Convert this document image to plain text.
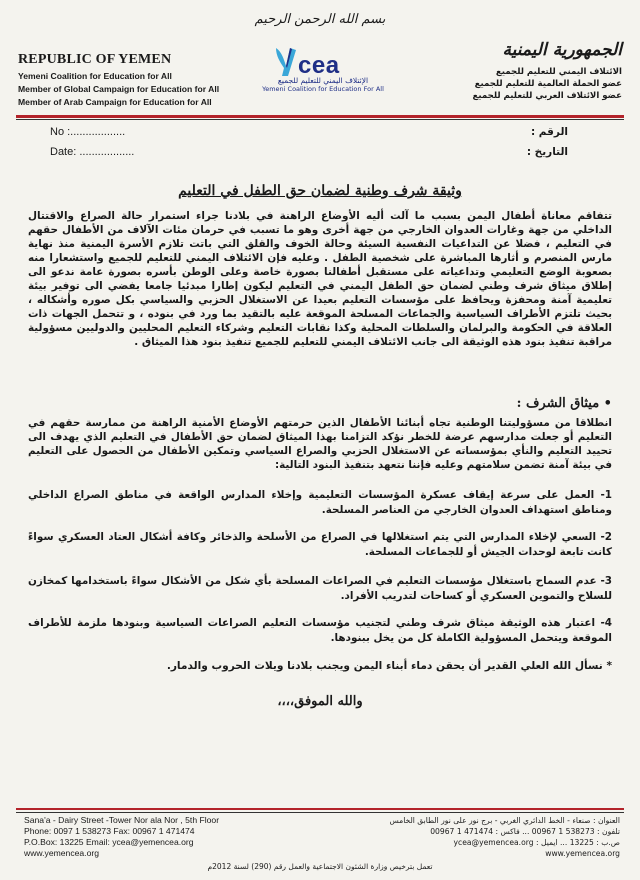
بسم الله الرحمن الرحيم
REPUBLIC OF YEMEN
Yemeni Coalition for Education for All
Member of Global Campaign for Education for All
Member of Arab Campaign for Education for All
cea
الإئتلاف اليمني للتعليم للجميع
Yemeni Coalition for Education For All
الجمهورية اليمنية
الائتلاف اليمني للتعليم للجميع
عضو الحملة العالمية للتعليم للجميع
عضو الائتلاف العربي للتعليم للجميع
No :..................
Date: ..................
الرقم :
التاريخ :
وثيقة شرف وطنية لضمان حق الطفل في التعليم
تتفاقم معاناة أطفال اليمن بسبب ما آلت أليه الأوضاع الراهنة في بلادنا جراء استمرار حالة الصراع والاقتتال الداخلي من جهة وغارات العدوان الخارجي من جهة أخرى وهو ما تسبب في حرمان مئات الآلاف من الأطفال حقهم في التعليم ، فضلا عن التداعيات النفسية السيئة وحالة الخوف والقلق التي باتت تلازم الأسرة اليمنية منذ نهاية مارس المنصرم و أثارها المباشرة على شخصية الطفل . وعليه فإن الائتلاف اليمني للتعليم للجميع واستشعارا منه بصعوبة الوضع التعليمي وتداعياته على مستقبل أطفالنا بصورة خاصة وعلى الوطن بأسره بصورة عامة ندعو الى إطلاق ميثاق شرف وطني لضمان حق الطفل اليمني في التعليم ليكون إطارا مبدئيا جامعا يفضي الى توفير بيئة تعليمية آمنة ومحفزة ويحافظ على مؤسسات التعليم بعيدا عن الاستغلال الحزبي والسياسي بكل صوره وأشكاله ، بحيث تلتزم الأطراف السياسية والجماعات المسلحة الموقعة عليه بالتقيد بما ورد في بنوده ، و تتحمل الجهات ذات العلاقة في الحكومة والبرلمان والسلطات المحلية وكذا نقابات التعليم وشركاء التعليم المحليين والدوليين مسؤولية مراقبة تنفيذ بنود هذه الوثيقة الى جانب الائتلاف اليمني للتعليم للجميع تنفيذ بنود هذا الميثاق .
• ميثاق الشرف :
انطلاقا من مسؤوليتنا الوطنية تجاه أبنائنا الأطفال الذين حرمتهم الأوضاع الأمنية الراهنة من ممارسة حقهم في التعليم أو جعلت مدارسهم عرضة للخطر نؤكد التزامنا بهذا الميثاق لضمان حق الأطفال في التعليم الذي يهدف الى تحييد التعليم والنأي بمؤسساته عن الاستغلال الحزبي والصراع السياسي وتمكين الأطفال من الحصول على التعليم في بيئة آمنة تضمن سلامتهم وعليه فإننا نتعهد بتنفيذ البنود التالية:
1- العمل على سرعة إيقاف عسكرة المؤسسات التعليمية وإخلاء المدارس الواقعة في مناطق الصراع الداخلي ومناطق استهداف العدوان الخارجي من العناصر المسلحة.
2- السعي لإخلاء المدارس التي يتم استغلالها في الصراع من الأسلحة والذخائر وكافة أشكال العتاد العسكري سواءً كانت تابعة لوحدات الجيش أو للجماعات المسلحة.
3- عدم السماح باستغلال مؤسسات التعليم في الصراعات المسلحة بأي شكل من الأشكال سواءً باستخدامها كمخازن للسلاح والتموين العسكري أو كساحات لتدريب الأفراد.
4- اعتبار هذه الوثيقة ميثاق شرف وطني لتجنيب مؤسسات التعليم الصراعات السياسية وبنودها ملزمة للأطراف الموقعة ويتحمل المسؤولية الكاملة كل من يخل ببنودها.
* نسأل الله العلي القدير أن يحقن دماء أبناء اليمن ويجنب بلادنا ويلات الحروب والدمار.
والله الموفق،،،،
Sana'a - Dairy Street -Tower Nor ala Nor , 5th Floor
Phone: 0097 1 538273 Fax: 00967 1 471474
P.O.Box: 13225 Email: ycea@yemencea.org
www.yemencea.org
العنوان : صنعاء - الخط الدائري الغربي - برج نور على نور الطابق الخامس
تلفون : 538273 1 00967 ... فاكس : 471474 1 00967
ص.ب : 13225 ... ايميل : ycea@yemencea.org
www.yemencea.org
تعمل بترخيص وزارة الشئون الاجتماعية والعمل رقم (290) لسنة 2012م
